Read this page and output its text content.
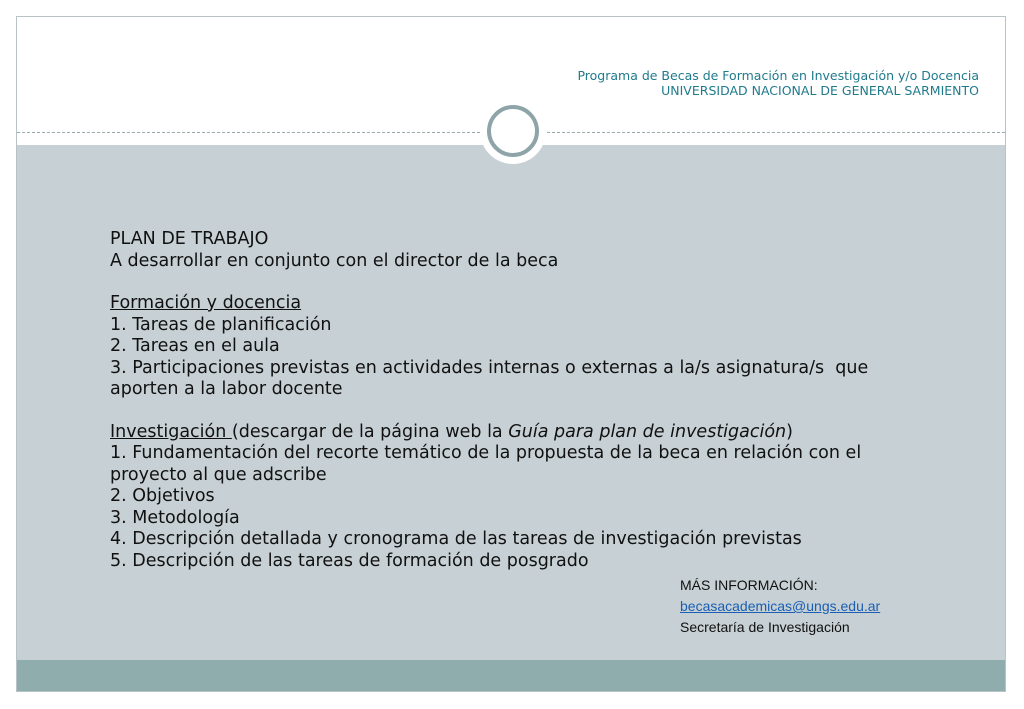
Programa de Becas de Formación en Investigación y/o Docencia
UNIVERSIDAD NACIONAL DE GENERAL SARMIENTO
PLAN DE TRABAJO
A desarrollar en conjunto con el director de la beca
Formación y docencia
1. Tareas de planificación
2. Tareas en el aula
3. Participaciones previstas en actividades internas o externas a la/s asignatura/s  que aporten a la labor docente
Investigación (descargar de la página web la Guía para plan de investigación)
1. Fundamentación del recorte temático de la propuesta de la beca en relación con el proyecto al que adscribe
2. Objetivos
3. Metodología
4. Descripción detallada y cronograma de las tareas de investigación previstas
5. Descripción de las tareas de formación de posgrado
MÁS INFORMACIÓN:
becasacademicas@ungs.edu.ar
Secretaría de Investigación
